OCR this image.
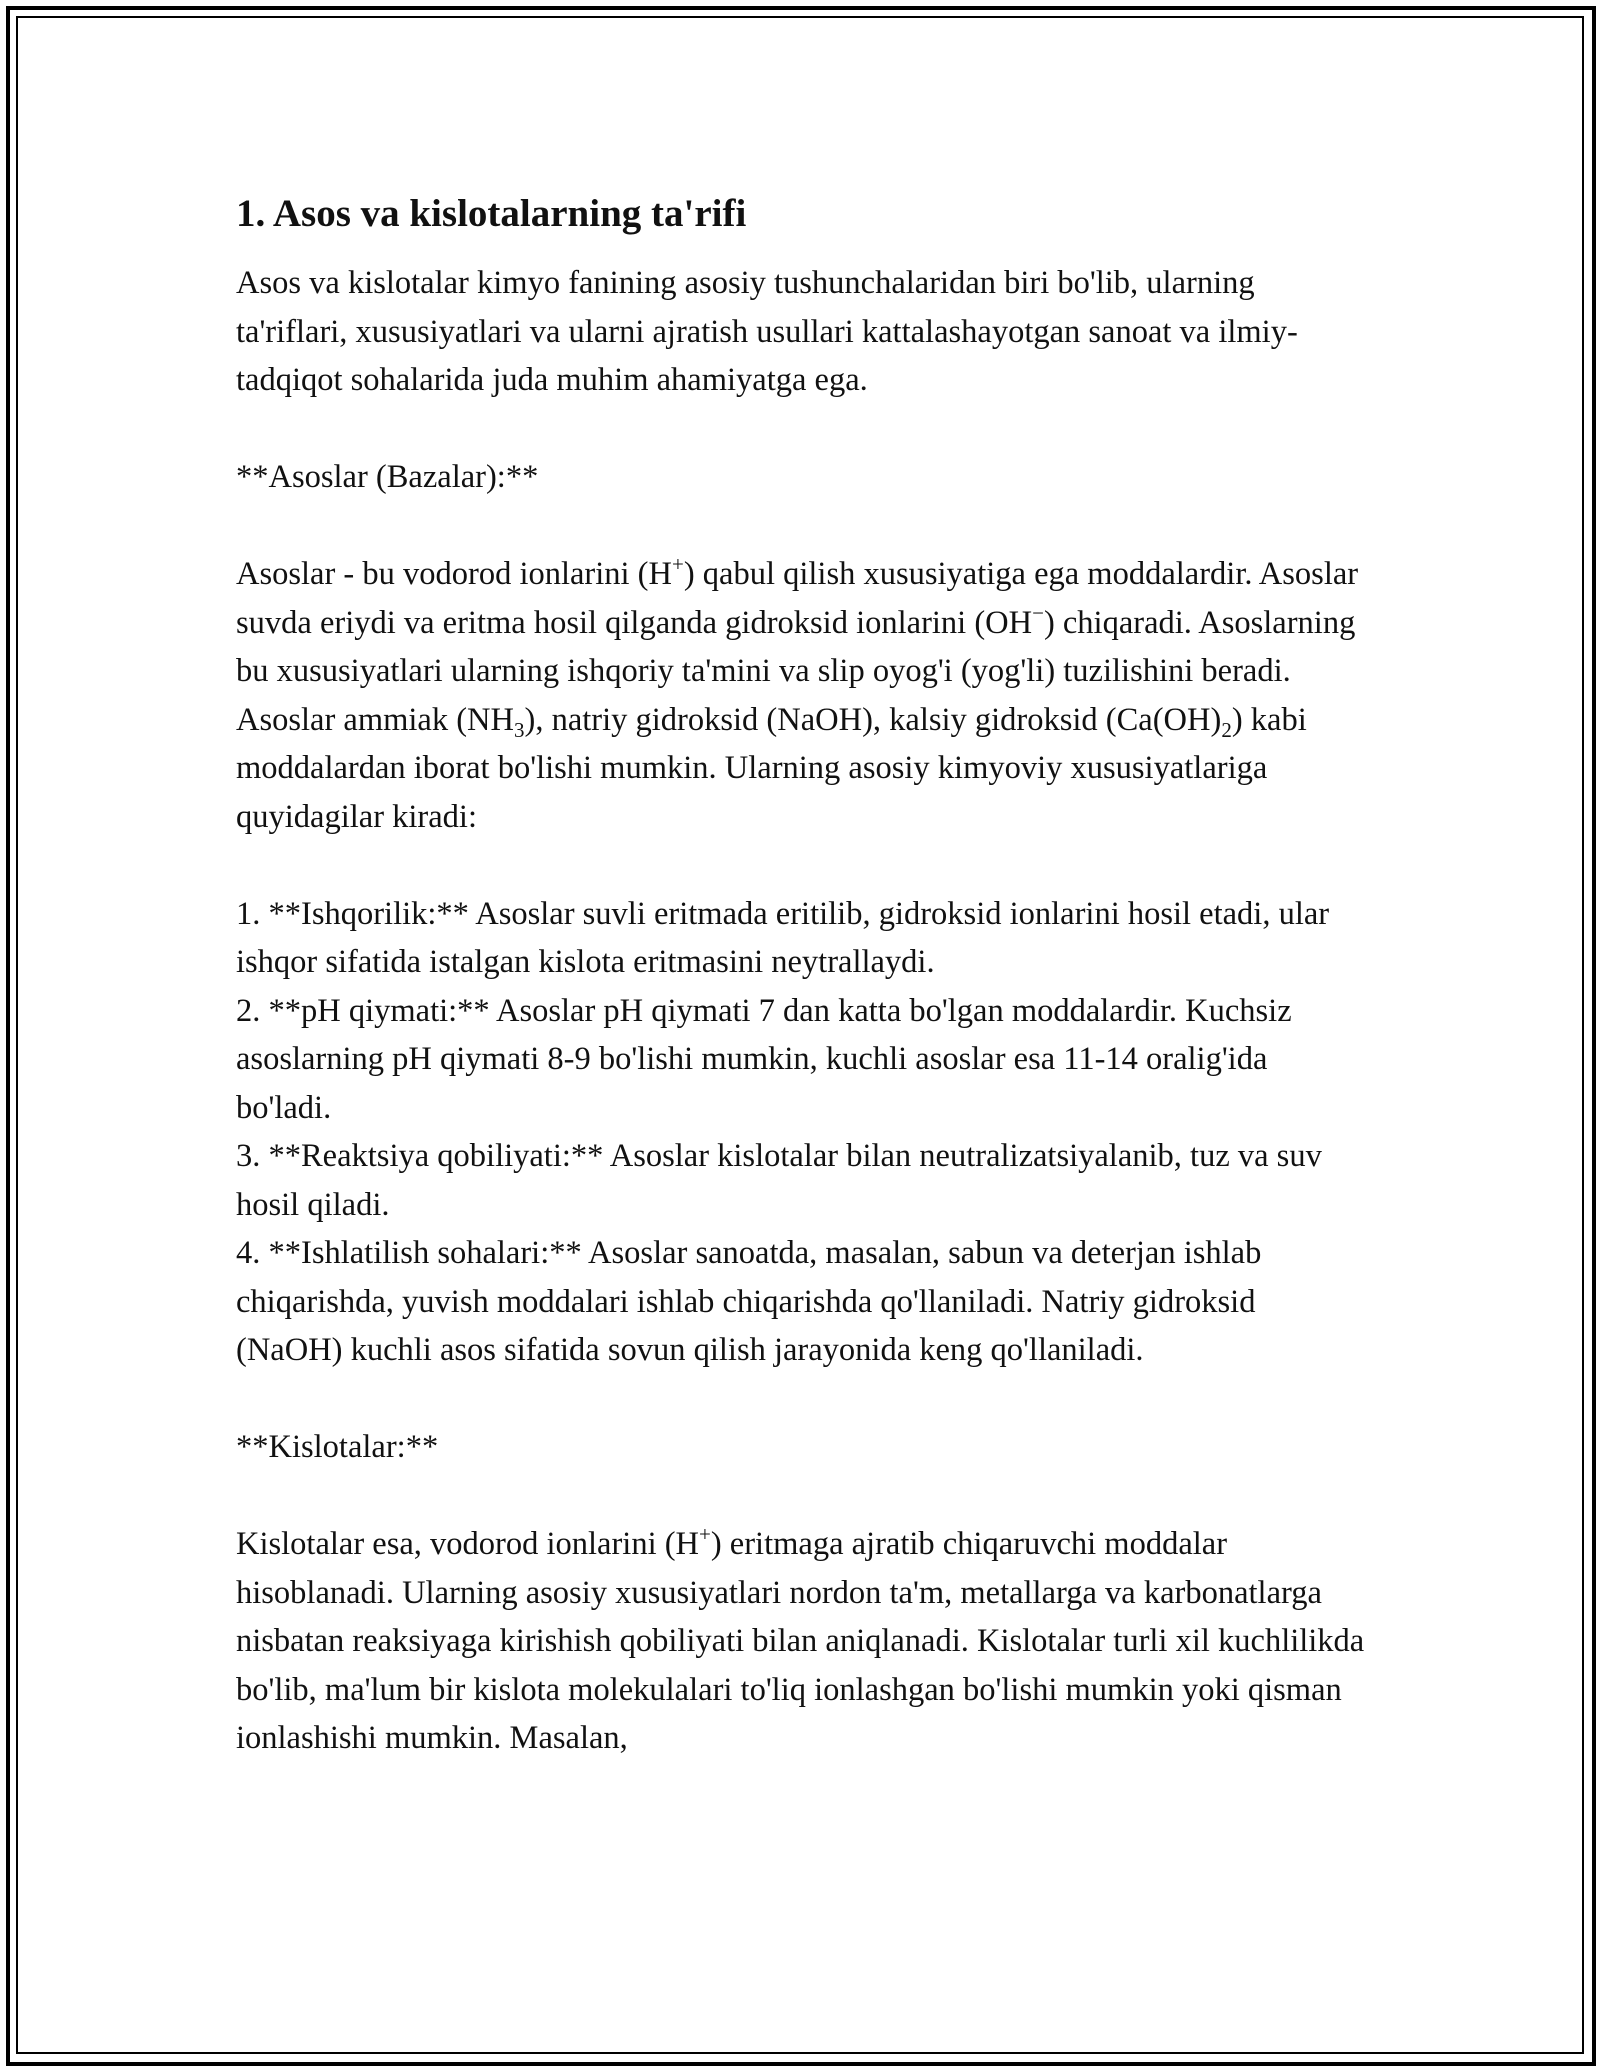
1. Asos va kislotalarning ta'rifi

Asos va kislotalar kimyo fanining asosiy tushunchalaridan biri bo'lib, ularning ta'riflari, xususiyatlari va ularni ajratish usullari kattalashayotgan sanoat va ilmiy-tadqiqot sohalarida juda muhim ahamiyatga ega.

**Asoslar (Bazalar):**

Asoslar - bu vodorod ionlarini (H+) qabul qilish xususiyatiga ega moddalardir. Asoslar suvda eriydi va eritma hosil qilganda gidroksid ionlarini (OH−) chiqaradi. Asoslarning bu xususiyatlari ularning ishqoriy ta'mini va slip oyog'i (yog'li) tuzilishini beradi. Asoslar ammiak $(NH_3)$, natriy gidroksid (NaOH), kalsiy gidroksid $(Ca(OH)_2)$ kabi moddalardan iborat bo'lishi mumkin. Ularning asosiy kimyoviy xususiyatlariga quyidagilar kiradi:

1. **Ishqorilik:** Asoslar suvli eritmada eritilib, gidroksid ionlarini hosil etadi, ular ishqor sifatida istalgan kislota eritmasini neytrallaydi.

2. **pH qiymati:** Asoslar pH qiymati 7 dan katta bo'lgan moddalardir. Kuchsiz asoslarning pH qiymati 8-9 bo'lishi mumkin, kuchli asoslar esa 11-14 oralig'ida bo'ladi.

3. **Reaktsiya qobiliyati:** Asoslar kislotalar bilan neutralizatsiyalanib, tuz va suv hosil qiladi.

4. **Ishlatilish sohalari:** Asoslar sanoatda, masalan, sabun va deterjan ishlab chiqarishda, yuvish moddalari ishlab chiqarishda qo'llaniladi. Natriy gidroksid (NaOH) kuchli asos sifatida sovun qilish jarayonida keng qo'llaniladi.

**Kislotalar:**

Kislotalar esa, vodorod ionlarini (H+) eritmaga ajratib chiqaruvchi moddalar hisoblanadi. Ularning asosiy xususiyatlari nordon ta'm, metallarga va karbonatlarga nisbatan reaksiyaga kirishish qobiliyati bilan aniqlanadi. Kislotalar turli xil kuchlilikda bo'lib, ma'lum bir kislota molekulalari to'liq ionlashgan bo'lishi mumkin yoki qisman ionlashishi mumkin. Masalan,
